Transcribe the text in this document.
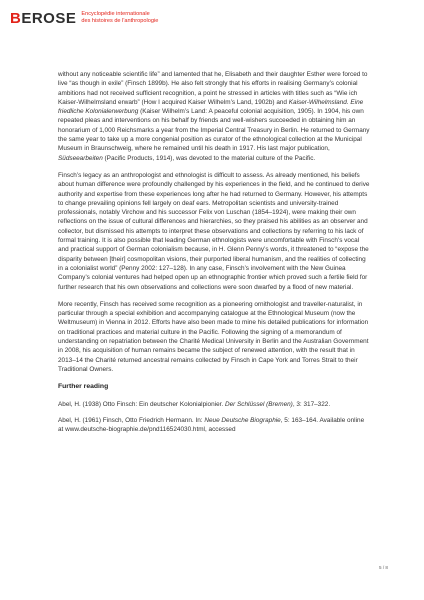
BEROSE Encyclopédie internationale
des histoires de l'anthropologie

without any noticeable scientific life” and lamented that he, Elisabeth and their daughter Esther were forced to live “as though in exile” (Finsch 1899b). He also felt strongly that his efforts in realising Germany’s colonial ambitions had not received sufficient recognition, a point he stressed in articles with titles such as “Wie ich Kaiser-Wilhelmsland erwarb” (How I acquired Kaiser Wilhelm’s Land, 1902b) and Kaiser-Wilhelmsland. Eine friedliche Kolonialerwerbung (Kaiser Wilhelm’s Land: A peaceful colonial acquisition, 1905). In 1904, his own repeated pleas and interventions on his behalf by friends and well-wishers succeeded in obtaining him an honorarium of 1,000 Reichsmarks a year from the Imperial Central Treasury in Berlin. He returned to Germany the same year to take up a more congenial position as curator of the ethnological collection at the Municipal Museum in Braunschweig, where he remained until his death in 1917. His last major publication, Südseearbeiten (Pacific Products, 1914), was devoted to the material culture of the Pacific.

Finsch’s legacy as an anthropologist and ethnologist is difficult to assess. As already mentioned, his beliefs about human difference were profoundly challenged by his experiences in the field, and he continued to derive authority and expertise from these experiences long after he had returned to Germany. However, his attempts to change prevailing opinions fell largely on deaf ears. Metropolitan scientists and university-trained professionals, notably Virchow and his successor Felix von Luschan (1854–1924), were making their own reflections on the issue of cultural differences and hierarchies, so they praised his abilities as an observer and collector, but dismissed his attempts to interpret these observations and collections by referring to his lack of formal training. It is also possible that leading German ethnologists were uncomfortable with Finsch’s vocal and practical support of German colonialism because, in H. Glenn Penny’s words, it threatened to “expose the disparity between [their] cosmopolitan visions, their purported liberal humanism, and the realities of collecting in a colonialist world” (Penny 2002: 127–128). In any case, Finsch’s involvement with the New Guinea Company’s colonial ventures had helped open up an ethnographic frontier which proved such a fertile field for further research that his own observations and collections were soon dwarfed by a flood of new material.

More recently, Finsch has received some recognition as a pioneering ornithologist and traveller-naturalist, in particular through a special exhibition and accompanying catalogue at the Ethnological Museum (now the Weltmuseum) in Vienna in 2012. Efforts have also been made to mine his detailed publications for information on traditional practices and material culture in the Pacific. Following the signing of a memorandum of understanding on repatriation between the Charité Medical University in Berlin and the Australian Government in 2008, his acquisition of human remains became the subject of renewed attention, with the result that in 2013–14 the Charité returned ancestral remains collected by Finsch in Cape York and Torres Strait to their Traditional Owners.

Further reading

Abel, H. (1938) Otto Finsch: Ein deutscher Kolonialpionier. Der Schlüssel (Bremen), 3: 317–322.

Abel, H. (1961) Finsch, Otto Friedrich Hermann. In: Neue Deutsche Biographie, 5: 163–164. Available online at www.deutsche-biographie.de/pnd116524030.html, accessed

5 / 8
